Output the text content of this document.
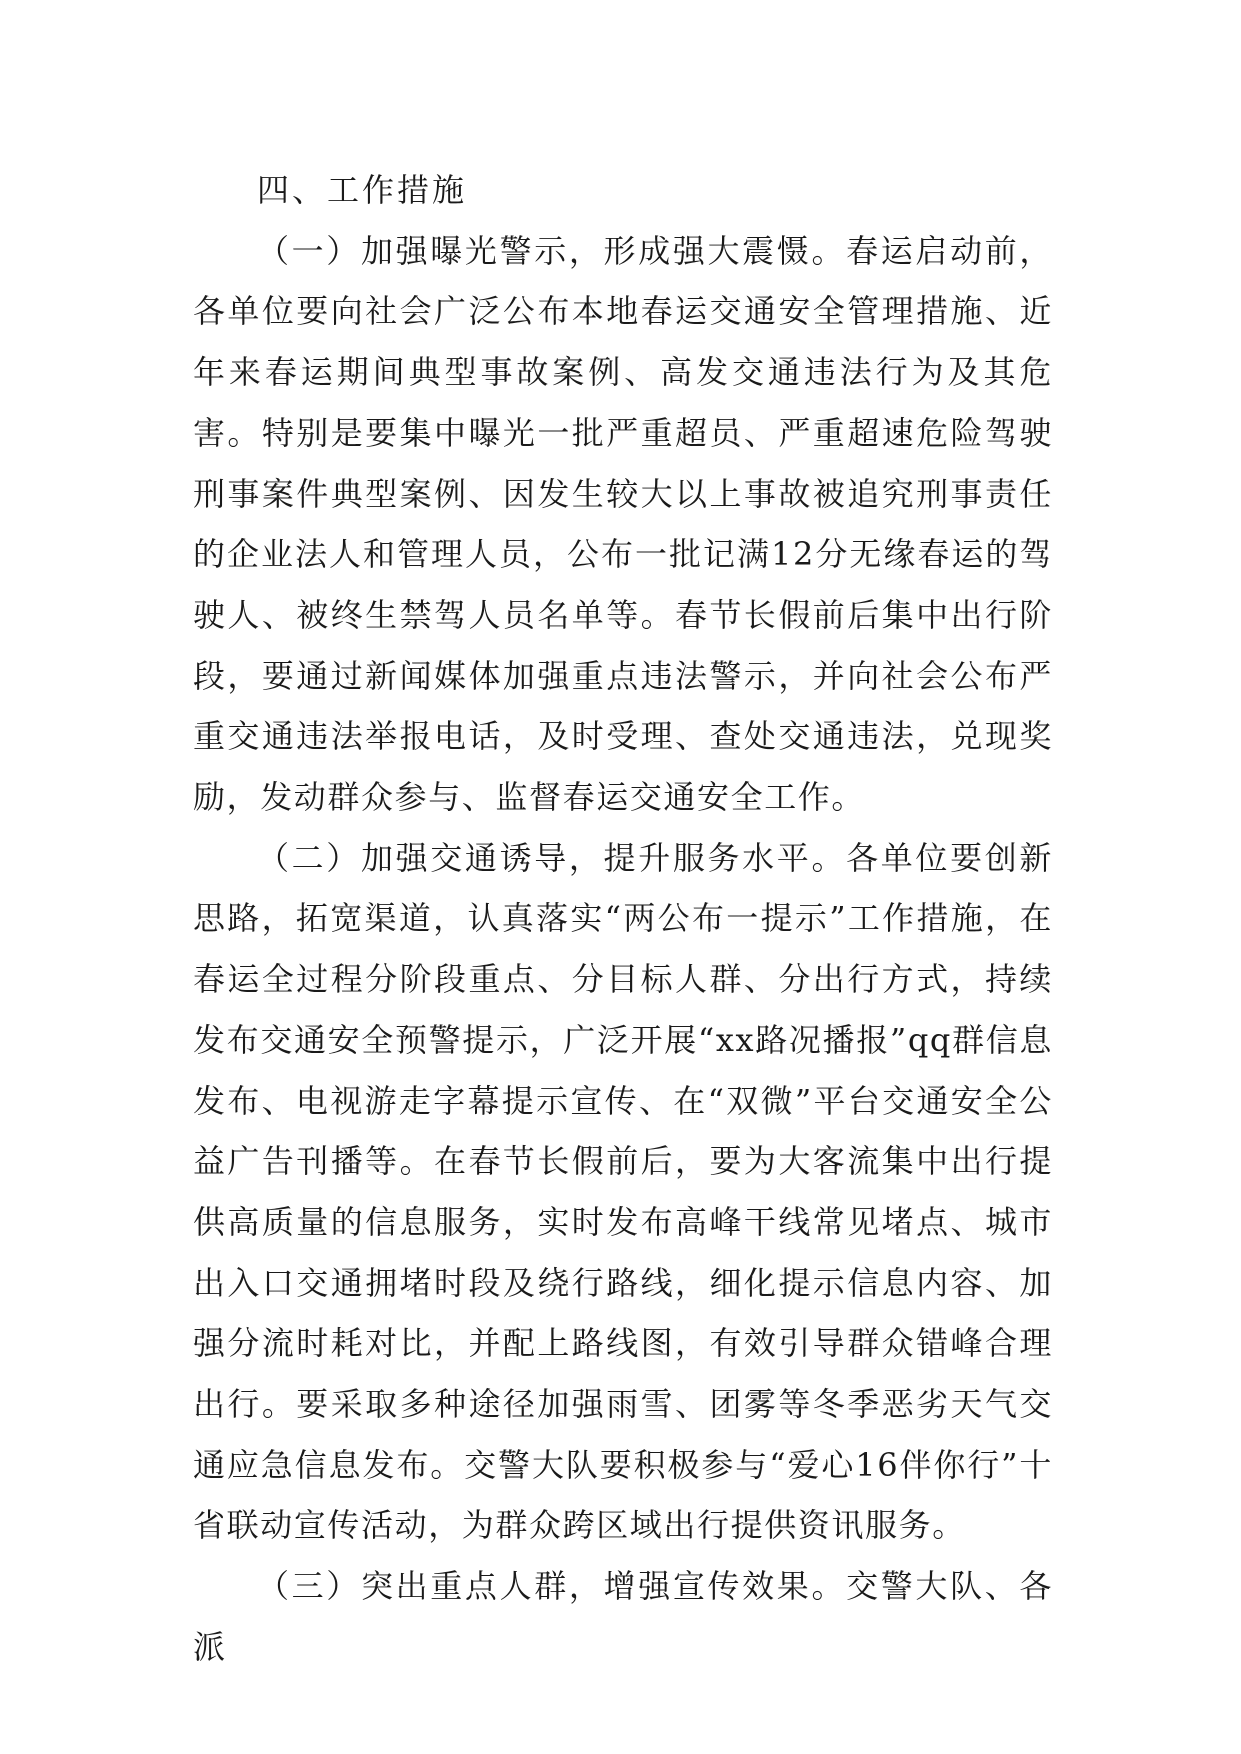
四、工作措施

（一）加强曝光警示，形成强大震慑。春运启动前，各单位要向社会广泛公布本地春运交通安全管理措施、近年来春运期间典型事故案例、高发交通违法行为及其危害。特别是要集中曝光一批严重超员、严重超速危险驾驶刑事案件典型案例、因发生较大以上事故被追究刑事责任的企业法人和管理人员，公布一批记满12分无缘春运的驾驶人、被终生禁驾人员名单等。春节长假前后集中出行阶段，要通过新闻媒体加强重点违法警示，并向社会公布严重交通违法举报电话，及时受理、查处交通违法，兑现奖励，发动群众参与、监督春运交通安全工作。

（二）加强交通诱导，提升服务水平。各单位要创新思路，拓宽渠道，认真落实“两公布一提示”工作措施，在春运全过程分阶段重点、分目标人群、分出行方式，持续发布交通安全预警提示，广泛开展“xx路况播报”qq群信息发布、电视游走字幕提示宣传、在“双微”平台交通安全公益广告刊播等。在春节长假前后，要为大客流集中出行提供高质量的信息服务，实时发布高峰干线常见堵点、城市出入口交通拥堵时段及绕行路线，细化提示信息内容、加强分流时耗对比，并配上路线图，有效引导群众错峰合理出行。要采取多种途径加强雨雪、团雾等冬季恶劣天气交通应急信息发布。交警大队要积极参与“爱心16伴你行”十省联动宣传活动，为群众跨区域出行提供资讯服务。

（三）突出重点人群，增强宣传效果。交警大队、各派
